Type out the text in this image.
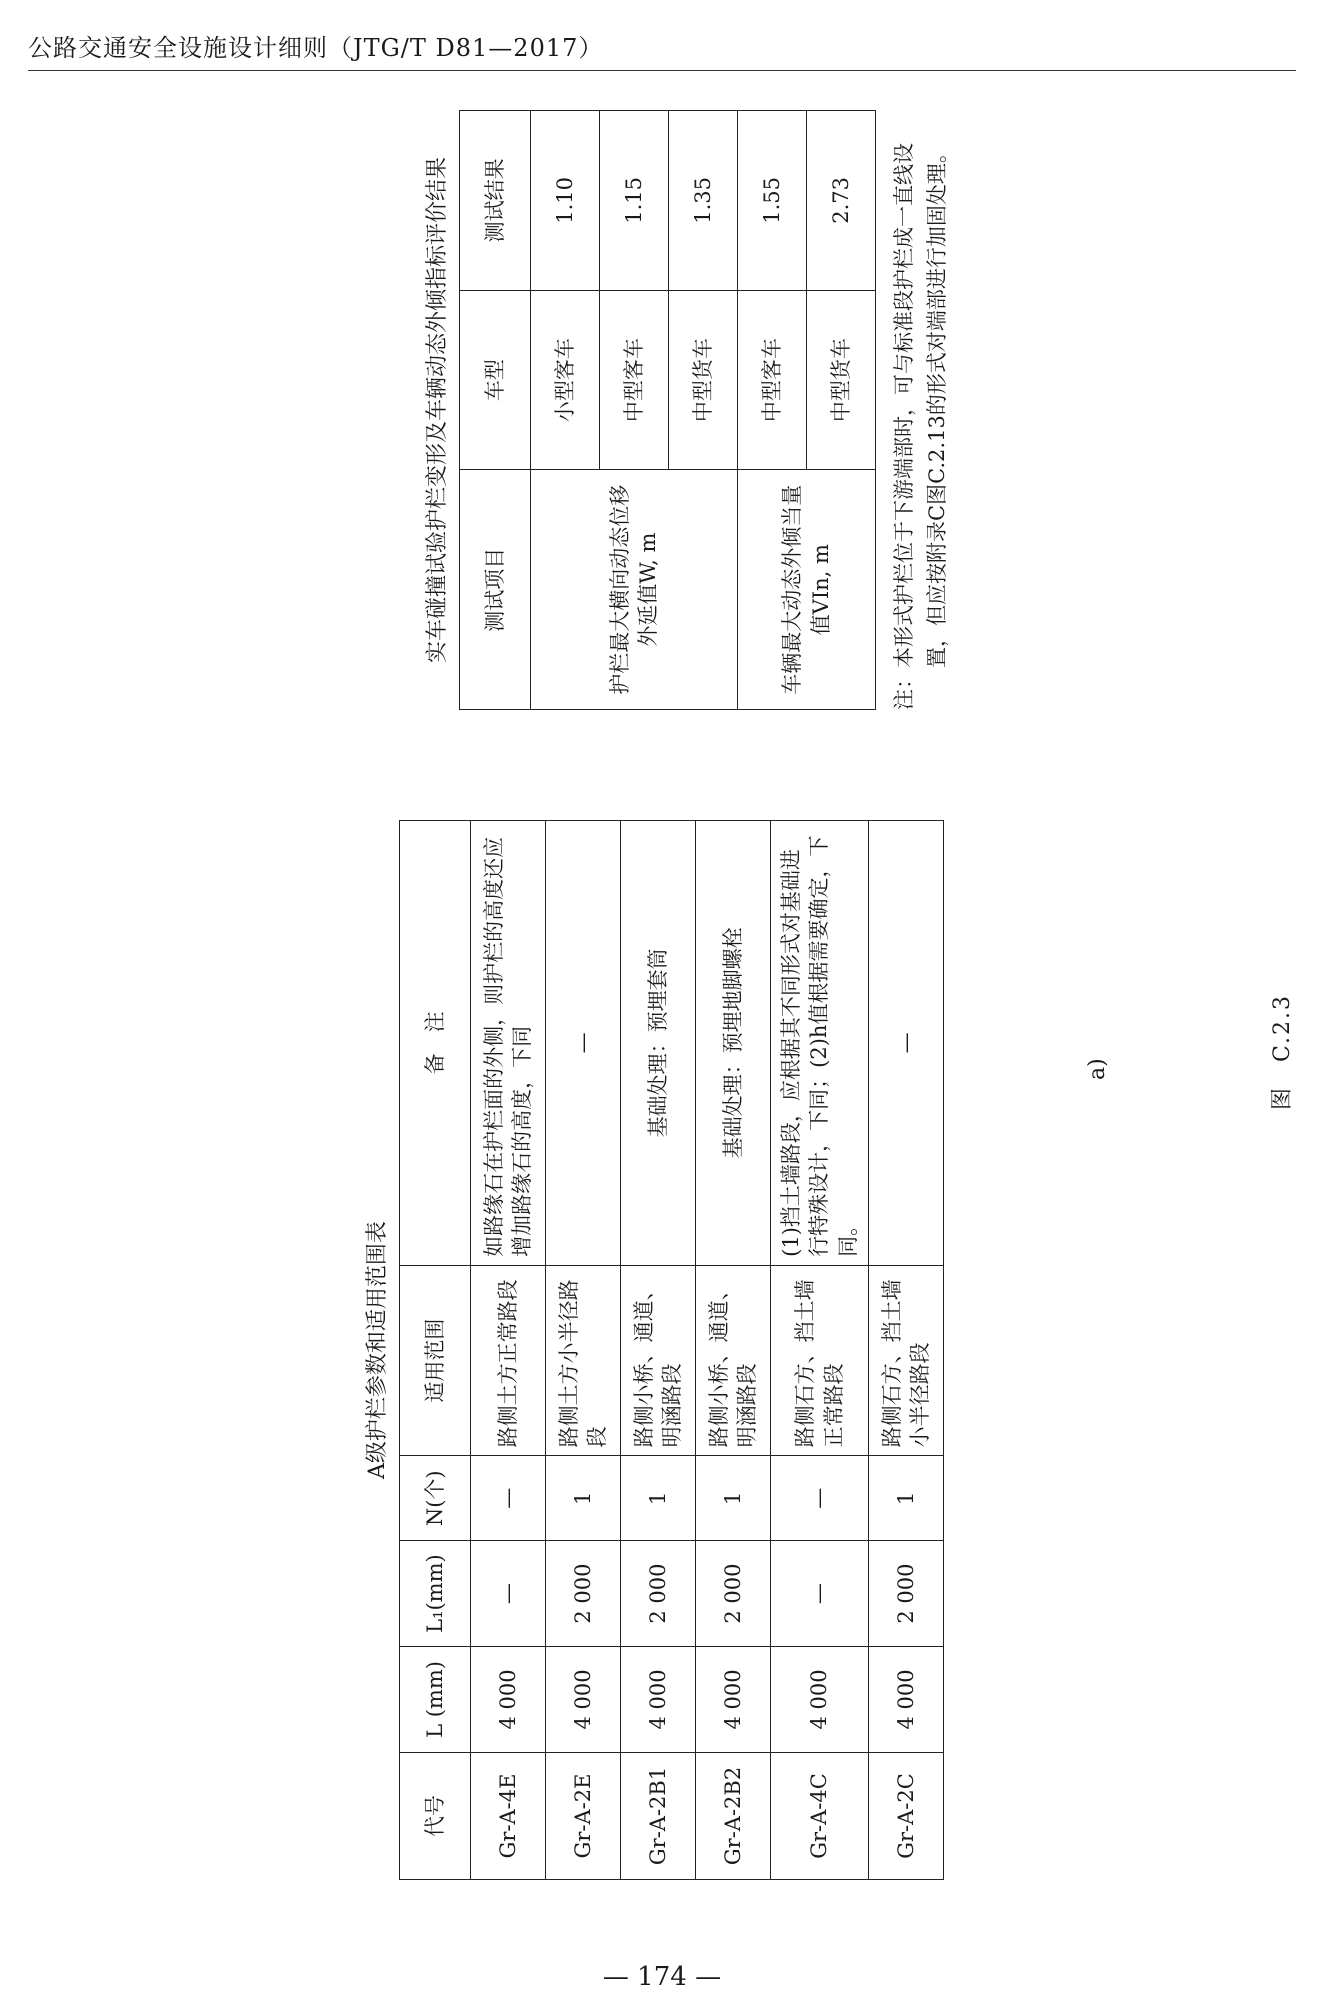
公路交通安全设施设计细则（JTG/T D81—2017）
A级护栏参数和适用范围表
代号	L (mm)	L₁(mm)	N(个)	适用范围	备　注
Gr-A-4E	4 000	—	—	路侧土方正常路段	如路缘石在护栏面的外侧，则护栏的高度还应增加路缘石的高度，下同
Gr-A-2E	4 000	2 000	1	路侧土方小半径路段	—
Gr-A-2B1	4 000	2 000	1	路侧小桥、通道、明涵路段	基础处理：预埋套筒
Gr-A-2B2	4 000	2 000	1	路侧小桥、通道、明涵路段	基础处理：预埋地脚螺栓
Gr-A-4C	4 000	—	—	路侧石方、挡土墙正常路段	(1)挡土墙路段，应根据其不同形式对基础进行特殊设计，下同；(2)h值根据需要确定，下同。
Gr-A-2C	4 000	2 000	1	路侧石方、挡土墙小半径路段	—
实车碰撞试验护栏变形及车辆动态外倾指标评价结果 测试项目	车型	测试结果
护栏最大横向动态位移外延值W, m	小型客车	1.10
	中型客车	1.15
	中型货车	1.35
车辆最大动态外倾当量值VIn, m	中型客车	1.55
	中型货车	2.73 注：本形式护栏位于下游端部时，可与标准段护栏成一直线设置，但应按附录C图C.2.13的形式对端部进行加固处理。
a)	图　C.2.3
— 174 —
